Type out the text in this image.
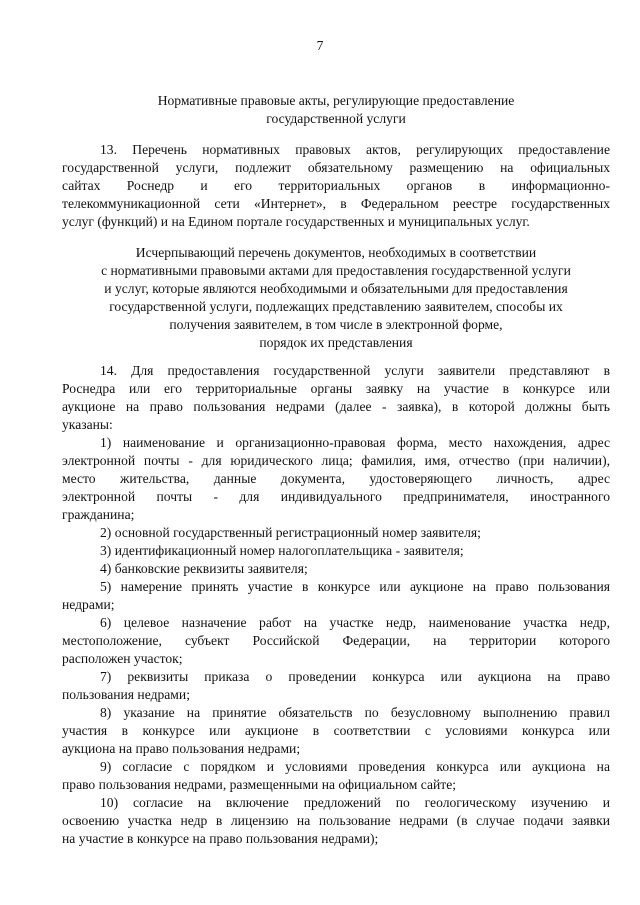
7
Нормативные правовые акты, регулирующие предоставление
государственной услуги
13. Перечень нормативных правовых актов, регулирующих предоставление
государственной услуги, подлежит обязательному размещению на официальных
сайтах Роснедр и его территориальных органов в информационно-
телекоммуникационной сети «Интернет», в Федеральном реестре государственных
услуг (функций) и на Едином портале государственных и муниципальных услуг.
Исчерпывающий перечень документов, необходимых в соответствии
с нормативными правовыми актами для предоставления государственной услуги
и услуг, которые являются необходимыми и обязательными для предоставления
государственной услуги, подлежащих представлению заявителем, способы их
получения заявителем, в том числе в электронной форме,
порядок их представления
14. Для предоставления государственной услуги заявители представляют в
Роснедра или его территориальные органы заявку на участие в конкурсе или
аукционе на право пользования недрами (далее - заявка), в которой должны быть
указаны:
1) наименование и организационно-правовая форма, место нахождения, адрес
электронной почты - для юридического лица; фамилия, имя, отчество (при наличии),
место жительства, данные документа, удостоверяющего личность, адрес
электронной почты - для индивидуального предпринимателя, иностранного
гражданина;
2) основной государственный регистрационный номер заявителя;
3) идентификационный номер налогоплательщика - заявителя;
4) банковские реквизиты заявителя;
5) намерение принять участие в конкурсе или аукционе на право пользования
недрами;
6) целевое назначение работ на участке недр, наименование участка недр,
местоположение, субъект Российской Федерации, на территории которого
расположен участок;
7) реквизиты приказа о проведении конкурса или аукциона на право
пользования недрами;
8) указание на принятие обязательств по безусловному выполнению правил
участия в конкурсе или аукционе в соответствии с условиями конкурса или
аукциона на право пользования недрами;
9) согласие с порядком и условиями проведения конкурса или аукциона на
право пользования недрами, размещенными на официальном сайте;
10) согласие на включение предложений по геологическому изучению и
освоению участка недр в лицензию на пользование недрами (в случае подачи заявки
на участие в конкурсе на право пользования недрами);
